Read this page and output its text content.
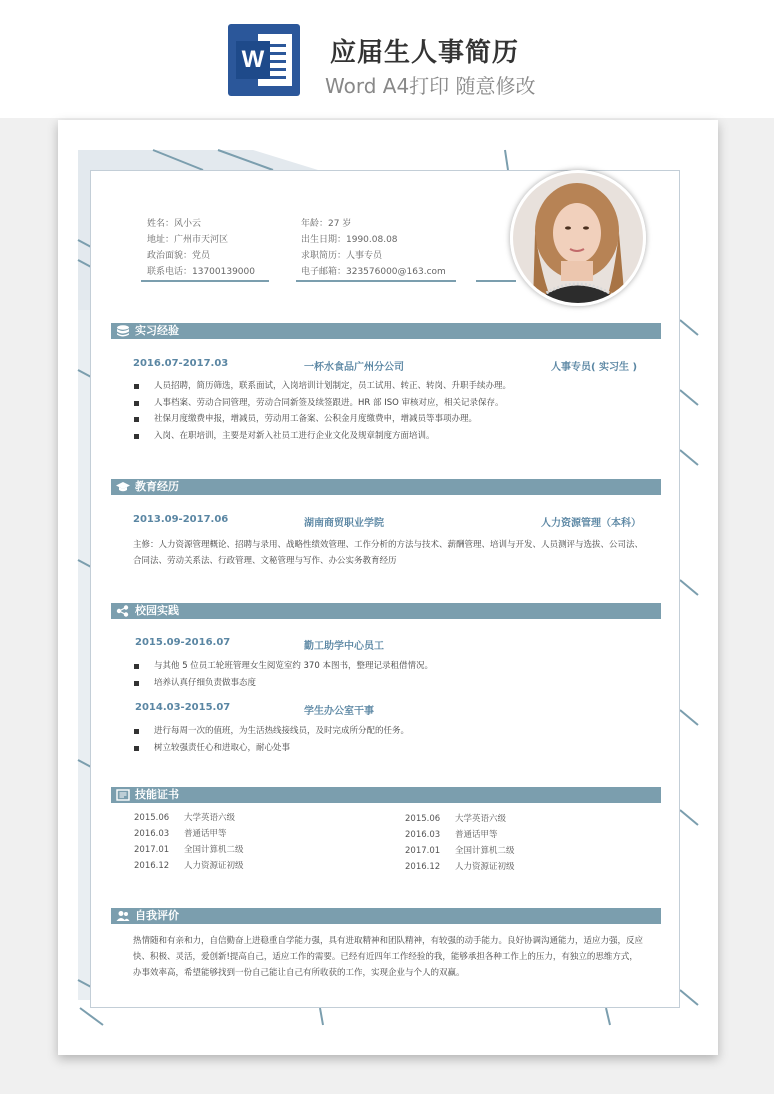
W	应届生人事简历
Word A4打印 随意修改
姓名：风小云
地址：广州市天河区
政治面貌：党员
联系电话：13700139000
年龄：27 岁
出生日期：1990.08.08
求职简历：人事专员
电子邮箱：323576000@163.com
实习经验
2016.07-2017.03	一杯水食品广州分公司	人事专员( 实习生 )
人员招聘，简历筛选，联系面试，入岗培训计划制定，员工试用、转正、转岗、升职手续办理。
人事档案、劳动合同管理，劳动合同新签及续签跟进。HR 部 ISO 审核对应，相关记录保存。
社保月度缴费申报，增减员，劳动用工备案、公积金月度缴费申，增减员等事项办理。
入岗、在职培训，主要是对新入社员工进行企业文化及规章制度方面培训。
教育经历
2013.09-2017.06	湖南商贸职业学院	人力资源管理（本科）
主修：人力资源管理概论、招聘与录用、战略性绩效管理、工作分析的方法与技术、薪酬管理、培训与开发、人员测评与选拔、公司法、合同法、劳动关系法、行政管理、文秘管理与写作、办公实务教育经历
校园实践
2015.09-2016.07	勤工助学中心员工
与其他 5 位员工轮班管理女生阅览室约 370 本图书，整理记录租借情况。
培养认真仔细负责做事态度
2014.03-2015.07	学生办公室干事
进行每周一次的值班，为生活热线接线员，及时完成所分配的任务。
树立较强责任心和进取心，耐心处事
技能证书
2015.06 大学英语六级
2016.03 普通话甲等
2017.01 全国计算机二级
2016.12 人力资源证初级
2015.06 大学英语六级
2016.03 普通话甲等
2017.01 全国计算机二级
2016.12 人力资源证初级
自我评价
热情随和有亲和力，自信勤奋上进稳重自学能力强，具有进取精神和团队精神，有较强的动手能力。良好协调沟通能力，适应力强，反应快、积极、灵活，爱创新!提高自己，适应工作的需要。已经有近四年工作经验的我，能够承担各种工作上的压力，有独立的思维方式，办事效率高，希望能够找到一份自己能让自己有所收获的工作，实现企业与个人的双赢。
